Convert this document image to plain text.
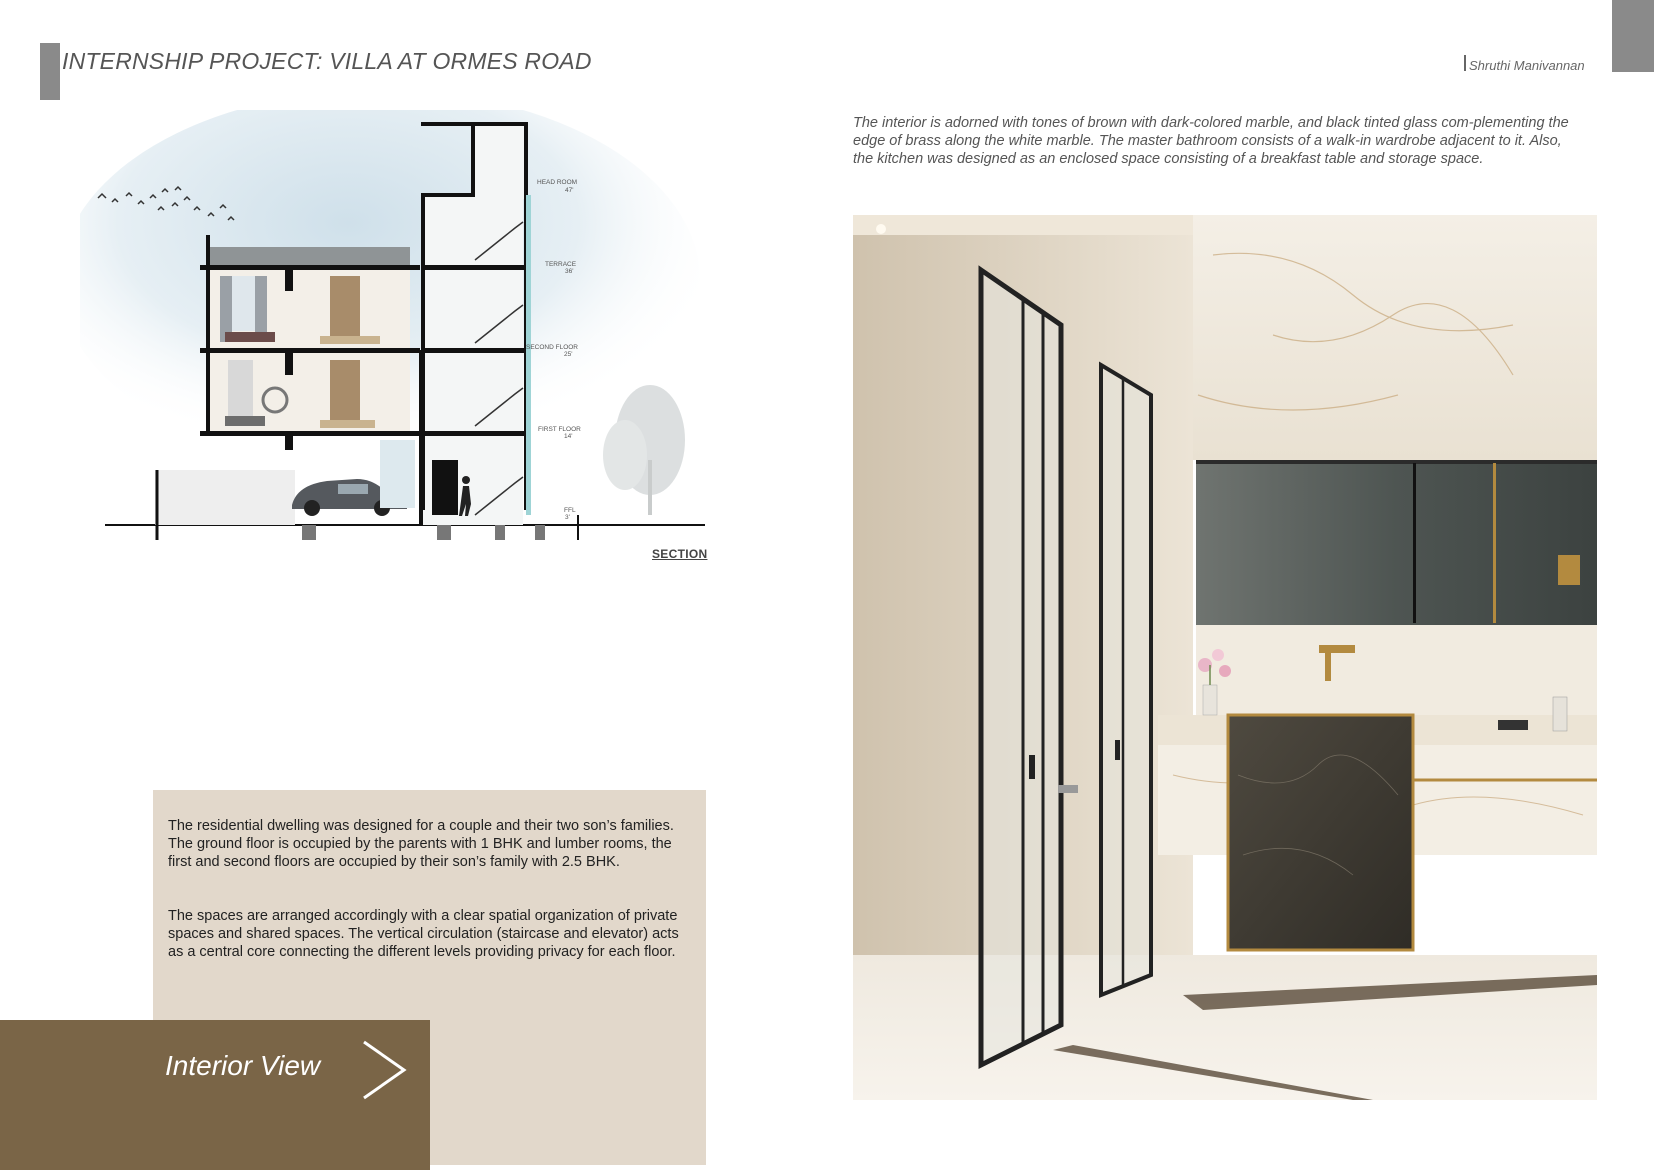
INTERNSHIP PROJECT: VILLA AT ORMES ROAD	Shruthi Manivannan

The interior is adorned with tones of brown with dark-colored marble, and black tinted glass com-plementing the edge of brass along the white marble. The master bathroom consists of a walk-in wardrobe adjacent to it. Also, the kitchen was designed as an enclosed space consisting of a breakfast table and storage space.

HEAD ROOM
47'
TERRACE
36'
SECOND FLOOR
25'
FIRST FLOOR
14'
FFL
3'
SECTION

The residential dwelling was designed for a couple and their two son’s families. The ground floor is occupied by the parents with 1 BHK and lumber rooms, the first and second floors are occupied by their son’s family with 2.5 BHK.

The spaces are arranged accordingly with a clear spatial organization of private spaces and shared spaces. The vertical circulation (staircase and elevator) acts as a central core connecting the different levels providing privacy for each floor.

Interior View
